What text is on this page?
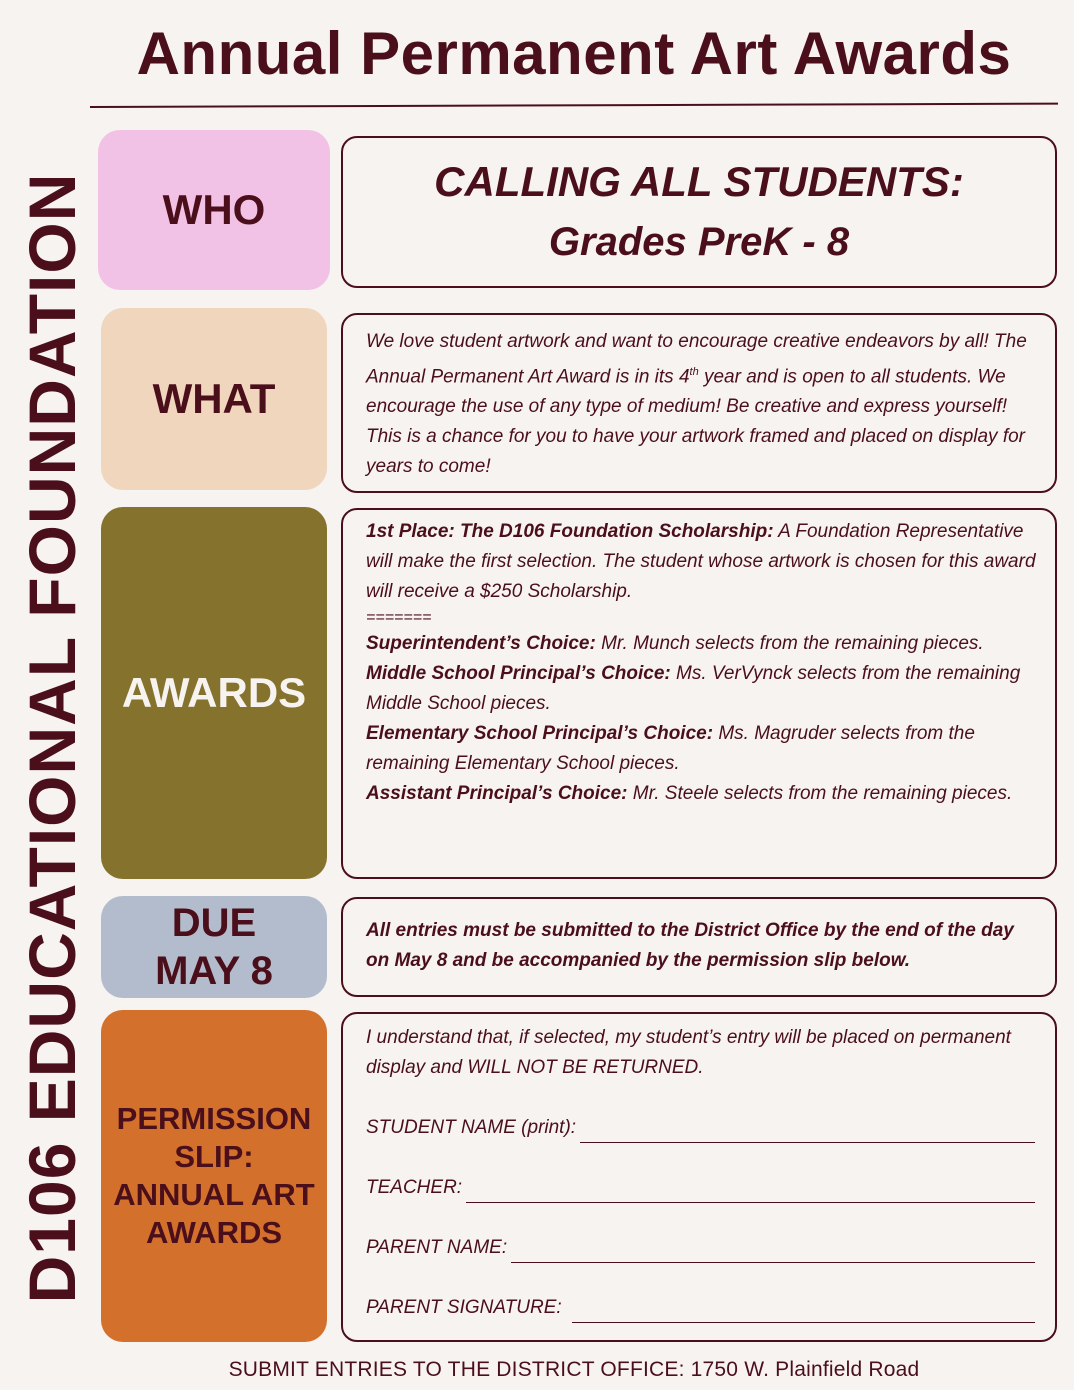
Annual Permanent Art Awards
D106 EDUCATIONAL FOUNDATION WHO
CALLING ALL STUDENTS:
Grades PreK - 8
WHAT

We love student artwork and want to encourage creative endeavors by all! The Annual Permanent Art Award is in its 4th year and is open to all students. We encourage the use of any type of medium! Be creative and express yourself! This is a chance for you to have your artwork framed and placed on display for years to come!

AWARDS

1st Place: The D106 Foundation Scholarship: A Foundation Representative will make the first selection. The student whose artwork is chosen for this award will receive a $250 Scholarship.

=======

Superintendent’s Choice: Mr. Munch selects from the remaining pieces.

Middle School Principal’s Choice: Ms. VerVynck selects from the remaining Middle School pieces.

Elementary School Principal’s Choice: Ms. Magruder selects from the remaining Elementary School pieces.

Assistant Principal’s Choice: Mr. Steele selects from the remaining pieces.

DUE
MAY 8

All entries must be submitted to the District Office by the end of the day on May 8 and be accompanied by the permission slip below.

PERMISSION
SLIP:
ANNUAL ART
AWARDS

I understand that, if selected, my student’s entry will be placed on permanent display and WILL NOT BE RETURNED.

STUDENT NAME (print):
TEACHER:
PARENT NAME:
PARENT SIGNATURE:
SUBMIT ENTRIES TO THE DISTRICT OFFICE: 1750 W. Plainfield Road
